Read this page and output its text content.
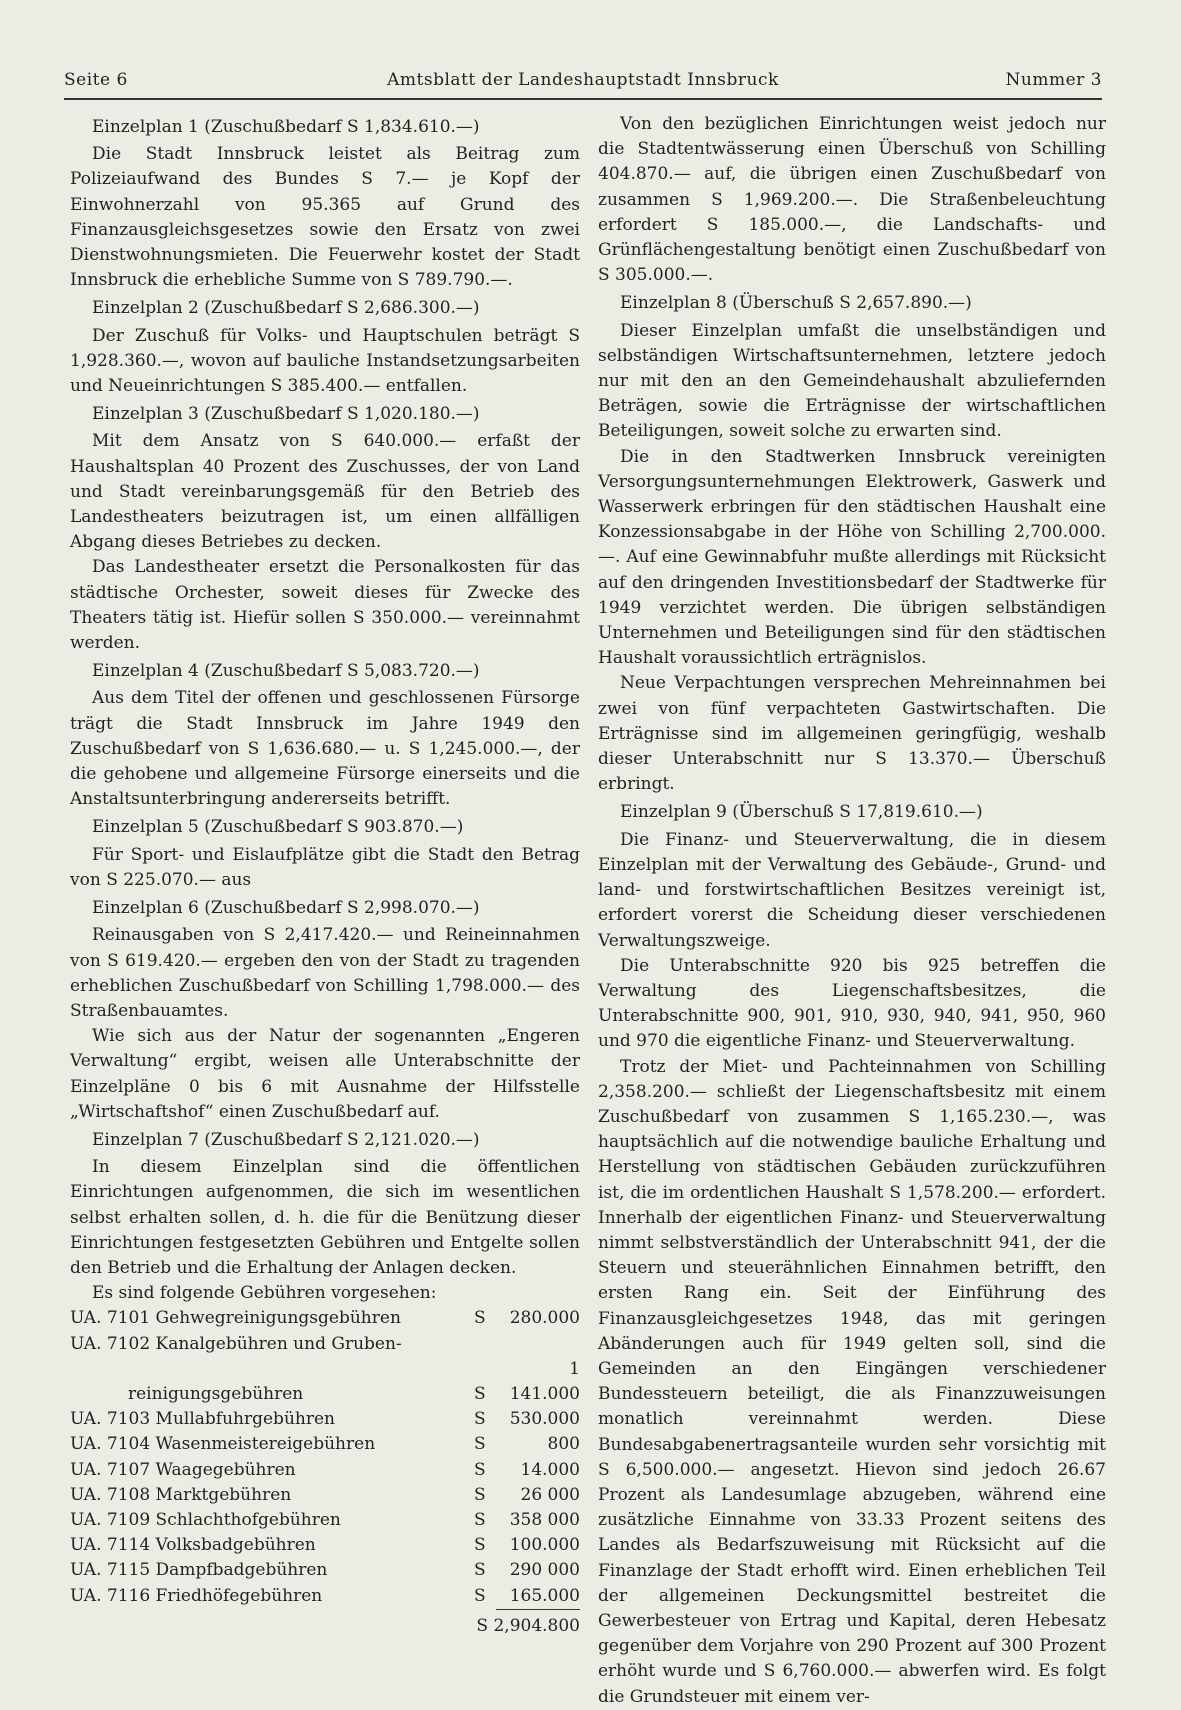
Amtsblatt der Landeshauptstadt Innsbruck
Seite 6	Nummer 3
Einzelplan 1 (Zuschußbedarf S 1,834.610.—)

Die Stadt Innsbruck leistet als Beitrag zum Polizeiaufwand des Bundes S 7.— je Kopf der Einwohnerzahl von 95.365 auf Grund des Finanzausgleichsgesetzes sowie den Ersatz von zwei Dienstwohnungsmieten. Die Feuerwehr kostet der Stadt Innsbruck die erhebliche Summe von S 789.790.—.

Einzelplan 2 (Zuschußbedarf S 2,686.300.—)

Der Zuschuß für Volks- und Hauptschulen beträgt S 1,928.360.—, wovon auf bauliche Instandsetzungsarbeiten und Neueinrichtungen S 385.400.— entfallen.

Einzelplan 3 (Zuschußbedarf S 1,020.180.—)

Mit dem Ansatz von S 640.000.— erfaßt der Haushaltsplan 40 Prozent des Zuschusses, der von Land und Stadt vereinbarungsgemäß für den Betrieb des Landestheaters beizutragen ist, um einen allfälligen Abgang dieses Betriebes zu decken.

Das Landestheater ersetzt die Personalkosten für das städtische Orchester, soweit dieses für Zwecke des Theaters tätig ist. Hiefür sollen S 350.000.— vereinnahmt werden.

Einzelplan 4 (Zuschußbedarf S 5,083.720.—)

Aus dem Titel der offenen und geschlossenen Fürsorge trägt die Stadt Innsbruck im Jahre 1949 den Zuschußbedarf von S 1,636.680.— u. S 1,245.000.—, der die gehobene und allgemeine Fürsorge einerseits und die Anstaltsunterbringung andererseits betrifft.

Einzelplan 5 (Zuschußbedarf S 903.870.—)

Für Sport- und Eislaufplätze gibt die Stadt den Betrag von S 225.070.— aus

Einzelplan 6 (Zuschußbedarf S 2,998.070.—)

Reinausgaben von S 2,417.420.— und Reineinnahmen von S 619.420.— ergeben den von der Stadt zu tragenden erheblichen Zuschußbedarf von Schilling 1,798.000.— des Straßenbauamtes.

Wie sich aus der Natur der sogenannten „Engeren Verwaltung“ ergibt, weisen alle Unterabschnitte der Einzelpläne 0 bis 6 mit Ausnahme der Hilfsstelle „Wirtschaftshof“ einen Zuschußbedarf auf.

Einzelplan 7 (Zuschußbedarf S 2,121.020.—)

In diesem Einzelplan sind die öffentlichen Einrichtungen aufgenommen, die sich im wesentlichen selbst erhalten sollen, d. h. die für die Benützung dieser Einrichtungen festgesetzten Gebühren und Entgelte sollen den Betrieb und die Erhaltung der Anlagen decken.

Es sind folgende Gebühren vorgesehen:

UA. 7101 Gehwegreinigungsgebühren	S	280.000
UA. 7102 Kanalgebühren und Gruben-		
reinigungsgebühren	S	1 141.000
UA. 7103 Mullabfuhrgebühren	S	530.000
UA. 7104 Wasenmeistereigebühren	S	800
UA. 7107 Waagegebühren	S	14.000
UA. 7108 Marktgebühren	S	26 000
UA. 7109 Schlachthofgebühren	S	358 000
UA. 7114 Volksbadgebühren	S	100.000
UA. 7115 Dampfbadgebühren	S	290 000
UA. 7116 Friedhöfegebühren	S	165.000
S 2,904.800

Von den bezüglichen Einrichtungen weist jedoch nur die Stadtentwässerung einen Überschuß von Schilling 404.870.— auf, die übrigen einen Zuschußbedarf von zusammen S 1,969.200.—. Die Straßenbeleuchtung erfordert S 185.000.—, die Landschafts- und Grünflächengestaltung benötigt einen Zuschußbedarf von S 305.000.—.

Einzelplan 8 (Überschuß S 2,657.890.—)

Dieser Einzelplan umfaßt die unselbständigen und selbständigen Wirtschaftsunternehmen, letztere jedoch nur mit den an den Gemeindehaushalt abzuliefernden Beträgen, sowie die Erträgnisse der wirtschaftlichen Beteiligungen, soweit solche zu erwarten sind.

Die in den Stadtwerken Innsbruck vereinigten Versorgungsunternehmungen Elektrowerk, Gaswerk und Wasserwerk erbringen für den städtischen Haushalt eine Konzessionsabgabe in der Höhe von Schilling 2,700.000.—. Auf eine Gewinnabfuhr mußte allerdings mit Rücksicht auf den dringenden Investitionsbedarf der Stadtwerke für 1949 verzichtet werden. Die übrigen selbständigen Unternehmen und Beteiligungen sind für den städtischen Haushalt voraussichtlich erträgnislos.

Neue Verpachtungen versprechen Mehreinnahmen bei zwei von fünf verpachteten Gastwirtschaften. Die Erträgnisse sind im allgemeinen geringfügig, weshalb dieser Unterabschnitt nur S 13.370.— Überschuß erbringt.

Einzelplan 9 (Überschuß S 17,819.610.—)

Die Finanz- und Steuerverwaltung, die in diesem Einzelplan mit der Verwaltung des Gebäude-, Grund- und land- und forstwirtschaftlichen Besitzes vereinigt ist, erfordert vorerst die Scheidung dieser verschiedenen Verwaltungszweige.

Die Unterabschnitte 920 bis 925 betreffen die Verwaltung des Liegenschaftsbesitzes, die Unterabschnitte 900, 901, 910, 930, 940, 941, 950, 960 und 970 die eigentliche Finanz- und Steuerverwaltung.

Trotz der Miet- und Pachteinnahmen von Schilling 2,358.200.— schließt der Liegenschaftsbesitz mit einem Zuschußbedarf von zusammen S 1,165.230.—, was hauptsächlich auf die notwendige bauliche Erhaltung und Herstellung von städtischen Gebäuden zurückzuführen ist, die im ordentlichen Haushalt S 1,578.200.— erfordert. Innerhalb der eigentlichen Finanz- und Steuerverwaltung nimmt selbstverständlich der Unterabschnitt 941, der die Steuern und steuerähnlichen Einnahmen betrifft, den ersten Rang ein. Seit der Einführung des Finanzausgleichgesetzes 1948, das mit geringen Abänderungen auch für 1949 gelten soll, sind die Gemeinden an den Eingängen verschiedener Bundessteuern beteiligt, die als Finanzzuweisungen monatlich vereinnahmt werden. Diese Bundesabgabenertragsanteile wurden sehr vorsichtig mit S 6,500.000.— angesetzt. Hievon sind jedoch 26.67 Prozent als Landesumlage abzugeben, während eine zusätzliche Einnahme von 33.33 Prozent seitens des Landes als Bedarfszuweisung mit Rücksicht auf die Finanzlage der Stadt erhofft wird. Einen erheblichen Teil der allgemeinen Deckungsmittel bestreitet die Gewerbesteuer von Ertrag und Kapital, deren Hebesatz gegenüber dem Vorjahre von 290 Prozent auf 300 Prozent erhöht wurde und S 6,760.000.— abwerfen wird. Es folgt die Grundsteuer mit einem ver-
